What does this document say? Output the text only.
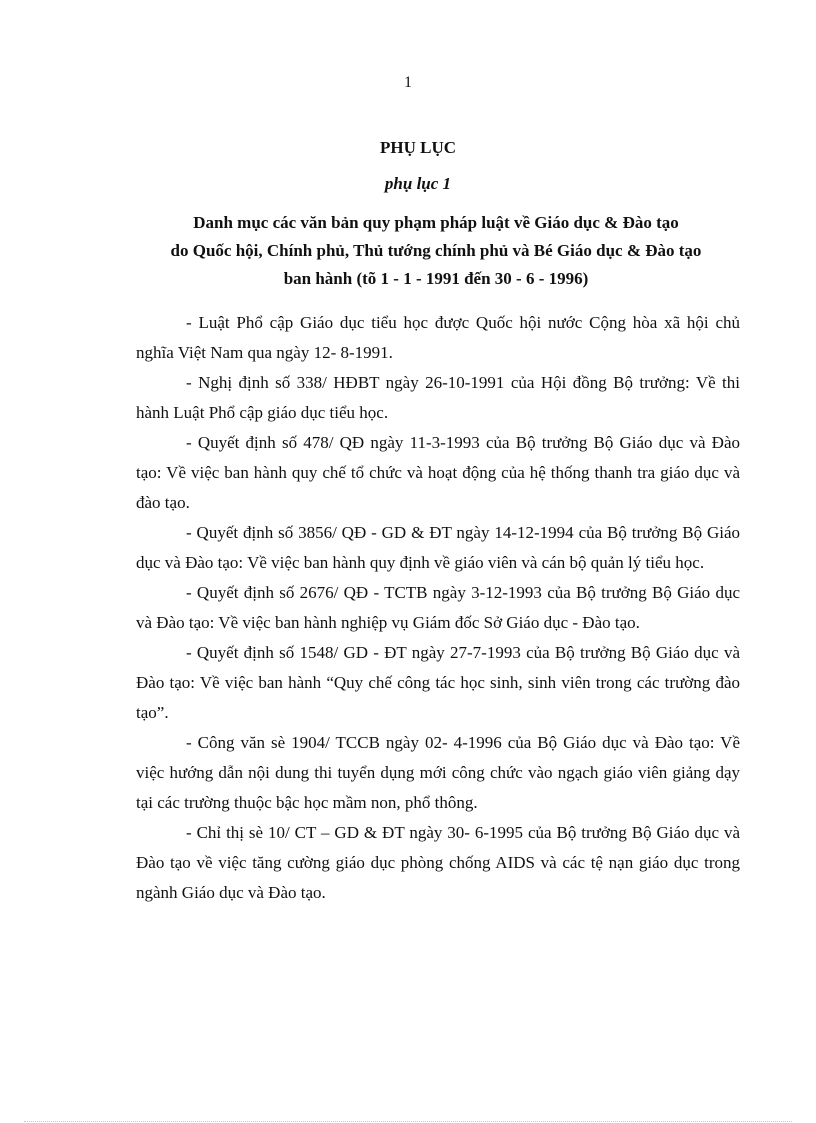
1
PHỤ LỤC
phụ lục 1
Danh mục các văn bản quy phạm pháp luật về Giáo dục & Đào tạo
do Quốc hội, Chính phủ, Thủ tướng chính phủ và Bé Giáo dục & Đào tạo
ban hành (tõ 1 - 1 - 1991 đến 30 - 6 - 1996)

- Luật Phổ cập Giáo dục tiểu học được Quốc hội nước Cộng hòa xã hội chủ nghĩa Việt Nam qua ngày 12- 8-1991.

- Nghị định số 338/ HĐBT ngày 26-10-1991 của Hội đồng Bộ trưởng: Về thi hành Luật Phổ cập giáo dục tiểu học.

- Quyết định số 478/ QĐ ngày 11-3-1993 của Bộ trưởng Bộ Giáo dục và Đào tạo: Về việc ban hành quy chế tổ chức và hoạt động của hệ thống thanh tra giáo dục và đào tạo.

- Quyết định số 3856/ QĐ - GD & ĐT ngày 14-12-1994 của Bộ trưởng Bộ Giáo dục và Đào tạo: Về việc ban hành quy định về giáo viên và cán bộ quản lý tiểu học.

- Quyết định số 2676/ QĐ - TCTB ngày 3-12-1993 của Bộ trưởng Bộ Giáo dục và Đào tạo: Về việc ban hành nghiệp vụ Giám đốc Sở Giáo dục - Đào tạo.

- Quyết định số 1548/ GD - ĐT ngày 27-7-1993 của Bộ trưởng Bộ Giáo dục và Đào tạo: Về việc ban hành “Quy chế công tác học sinh, sinh viên trong các trường đào tạo”.

- Công văn sè 1904/ TCCB ngày 02- 4-1996 của Bộ Giáo dục và Đào tạo: Về việc hướng dẫn nội dung thi tuyển dụng mới công chức vào ngạch giáo viên giảng dạy tại các trường thuộc bậc học mầm non, phổ thông.

- Chỉ thị sè 10/ CT – GD & ĐT ngày 30- 6-1995 của Bộ trưởng Bộ Giáo dục và Đào tạo về việc tăng cường giáo dục phòng chống AIDS và các tệ nạn giáo dục trong ngành Giáo dục và Đào tạo.
